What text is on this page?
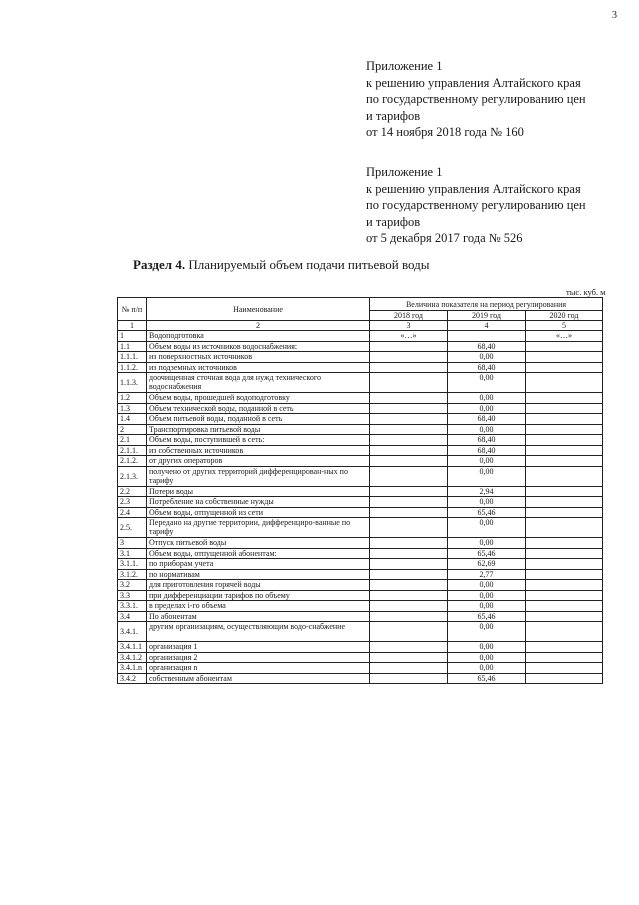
3
Приложение 1
к решению управления Алтайского края
по государственному регулированию цен
и тарифов
от 14 ноября 2018 года № 160
Приложение 1
к решению управления Алтайского края
по государственному регулированию цен
и тарифов
от 5 декабря 2017 года № 526
Раздел 4. Планируемый объем подачи питьевой воды
тыс. куб. м
№ п/п	Наименование	Величина показателя на период регулирования		
		2018 год	2019 год	2020 год
1	2	3	4	5
1	Водоподготовка	«…»		«…»
1.1	Объем воды из источников водоснабжения:		68,40	
1.1.1.	из поверхностных источников		0,00	
1.1.2.	из подземных источников		68,40	
1.1.3.	доочищенная сточная вода для нужд технического водоснабжения		0,00	
1.2	Объем воды, прошедшей водоподготовку		0,00	
1.3	Объем технической воды, поданной в сеть		0,00	
1.4	Объем питьевой воды, поданной в сеть		68,40	
2	Транспортировка питьевой воды		0,00	
2.1	Объем воды, поступившей в сеть:		68,40	
2.1.1.	из собственных источников		68,40	
2.1.2.	от других операторов		0,00	
2.1.3.	получено от других территорий дифференцирован-ных по тарифу		0,00	
2.2	Потери воды		2,94	
2.3	Потребление на собственные нужды		0,00	
2.4	Объем воды, отпущенной из сети		65,46	
2.5.	Передано на другие территории, дифференциро-ванные по тарифу		0,00	
3	Отпуск питьевой воды		0,00	
3.1	Объем воды, отпущенной абонентам:		65,46	
3.1.1.	по приборам учета		62,69	
3.1.2.	по нормативам		2,77	
3.2	для приготовления горячей воды		0,00	
3.3	при дифференциации тарифов по объему		0,00	
3.3.1.	в пределах i-го объема		0,00	
3.4	По абонентам		65,46	
3.4.1.	другим организациям, осуществляющим водо-снабжение		0,00	
3.4.1.1	организация 1		0,00	
3.4.1.2	организация 2		0,00	
3.4.1.n	организация n		0,00	
3.4.2	собственным абонентам		65,46	
